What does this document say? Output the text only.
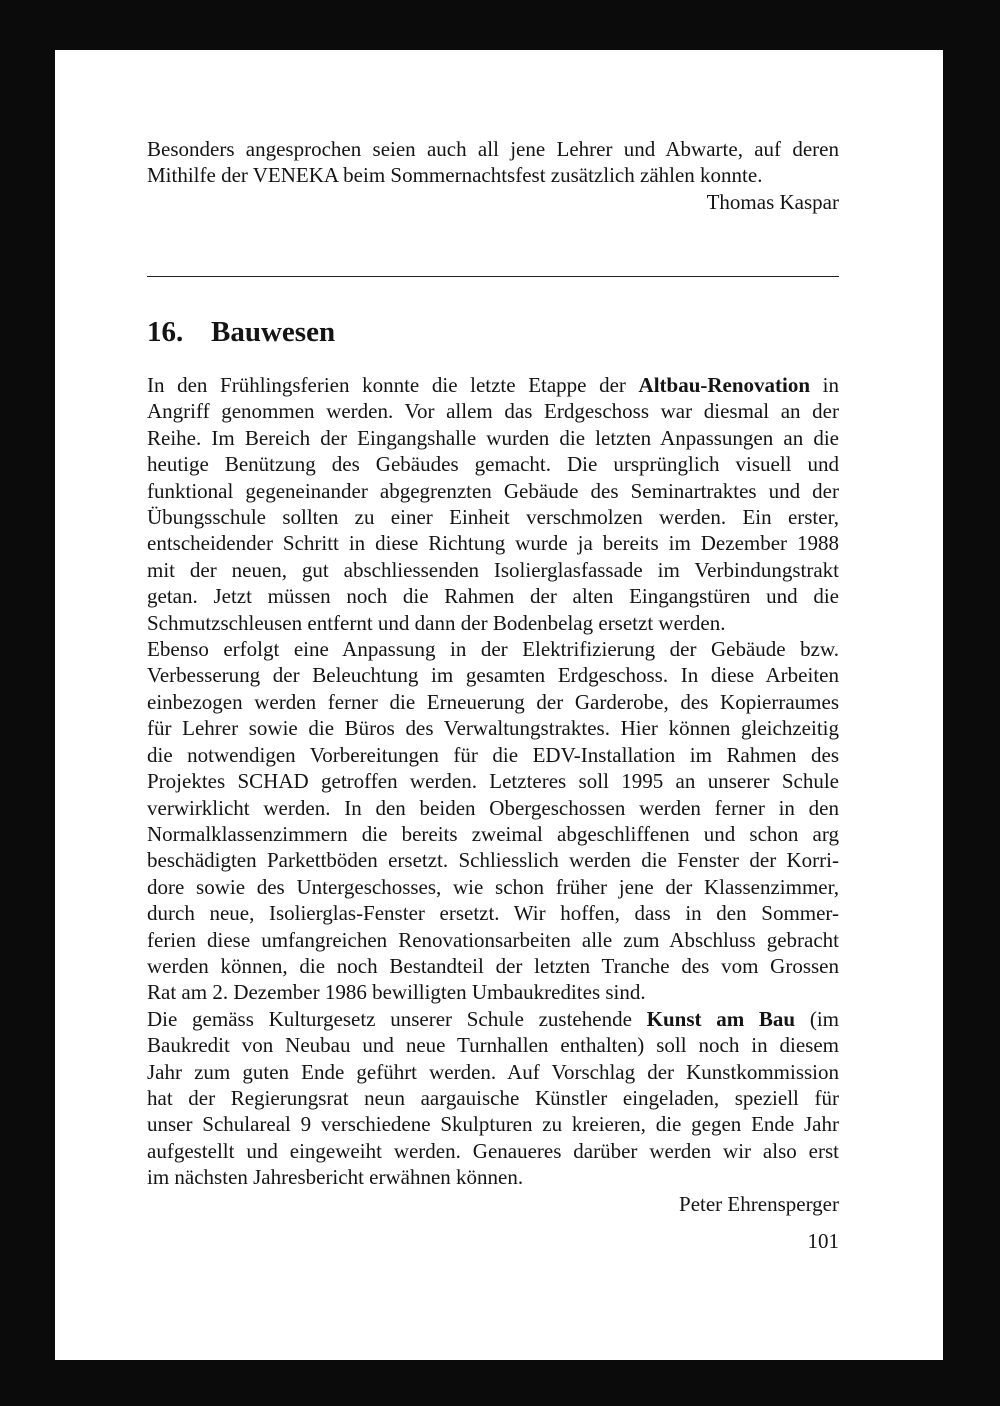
Besonders angesprochen seien auch all jene Lehrer und Abwarte, auf deren
Mithilfe der VENEKA beim Sommernachtsfest zusätzlich zählen konnte.
Thomas Kaspar
16. Bauwesen
In den Frühlingsferien konnte die letzte Etappe der Altbau-Renovation in
Angriff genommen werden. Vor allem das Erdgeschoss war diesmal an der
Reihe. Im Bereich der Eingangshalle wurden die letzten Anpassungen an die
heutige Benützung des Gebäudes gemacht. Die ursprünglich visuell und
funktional gegeneinander abgegrenzten Gebäude des Seminartraktes und der
Übungsschule sollten zu einer Einheit verschmolzen werden. Ein erster,
entscheidender Schritt in diese Richtung wurde ja bereits im Dezember 1988
mit der neuen, gut abschliessenden Isolierglasfassade im Verbindungstrakt
getan. Jetzt müssen noch die Rahmen der alten Eingangstüren und die
Schmutzschleusen entfernt und dann der Bodenbelag ersetzt werden.
Ebenso erfolgt eine Anpassung in der Elektrifizierung der Gebäude bzw.
Verbesserung der Beleuchtung im gesamten Erdgeschoss. In diese Arbeiten
einbezogen werden ferner die Erneuerung der Garderobe, des Kopierraumes
für Lehrer sowie die Büros des Verwaltungstraktes. Hier können gleichzeitig
die notwendigen Vorbereitungen für die EDV-Installation im Rahmen des
Projektes SCHAD getroffen werden. Letzteres soll 1995 an unserer Schule
verwirklicht werden. In den beiden Obergeschossen werden ferner in den
Normalklassenzimmern die bereits zweimal abgeschliffenen und schon arg
beschädigten Parkettböden ersetzt. Schliesslich werden die Fenster der Korri-
dore sowie des Untergeschosses, wie schon früher jene der Klassenzimmer,
durch neue, Isolierglas-Fenster ersetzt. Wir hoffen, dass in den Sommer-
ferien diese umfangreichen Renovationsarbeiten alle zum Abschluss gebracht
werden können, die noch Bestandteil der letzten Tranche des vom Grossen
Rat am 2. Dezember 1986 bewilligten Umbaukredites sind.
Die gemäss Kulturgesetz unserer Schule zustehende Kunst am Bau (im
Baukredit von Neubau und neue Turnhallen enthalten) soll noch in diesem
Jahr zum guten Ende geführt werden. Auf Vorschlag der Kunstkommission
hat der Regierungsrat neun aargauische Künstler eingeladen, speziell für
unser Schulareal 9 verschiedene Skulpturen zu kreieren, die gegen Ende Jahr
aufgestellt und eingeweiht werden. Genaueres darüber werden wir also erst
im nächsten Jahresbericht erwähnen können.
Peter Ehrensperger
101
